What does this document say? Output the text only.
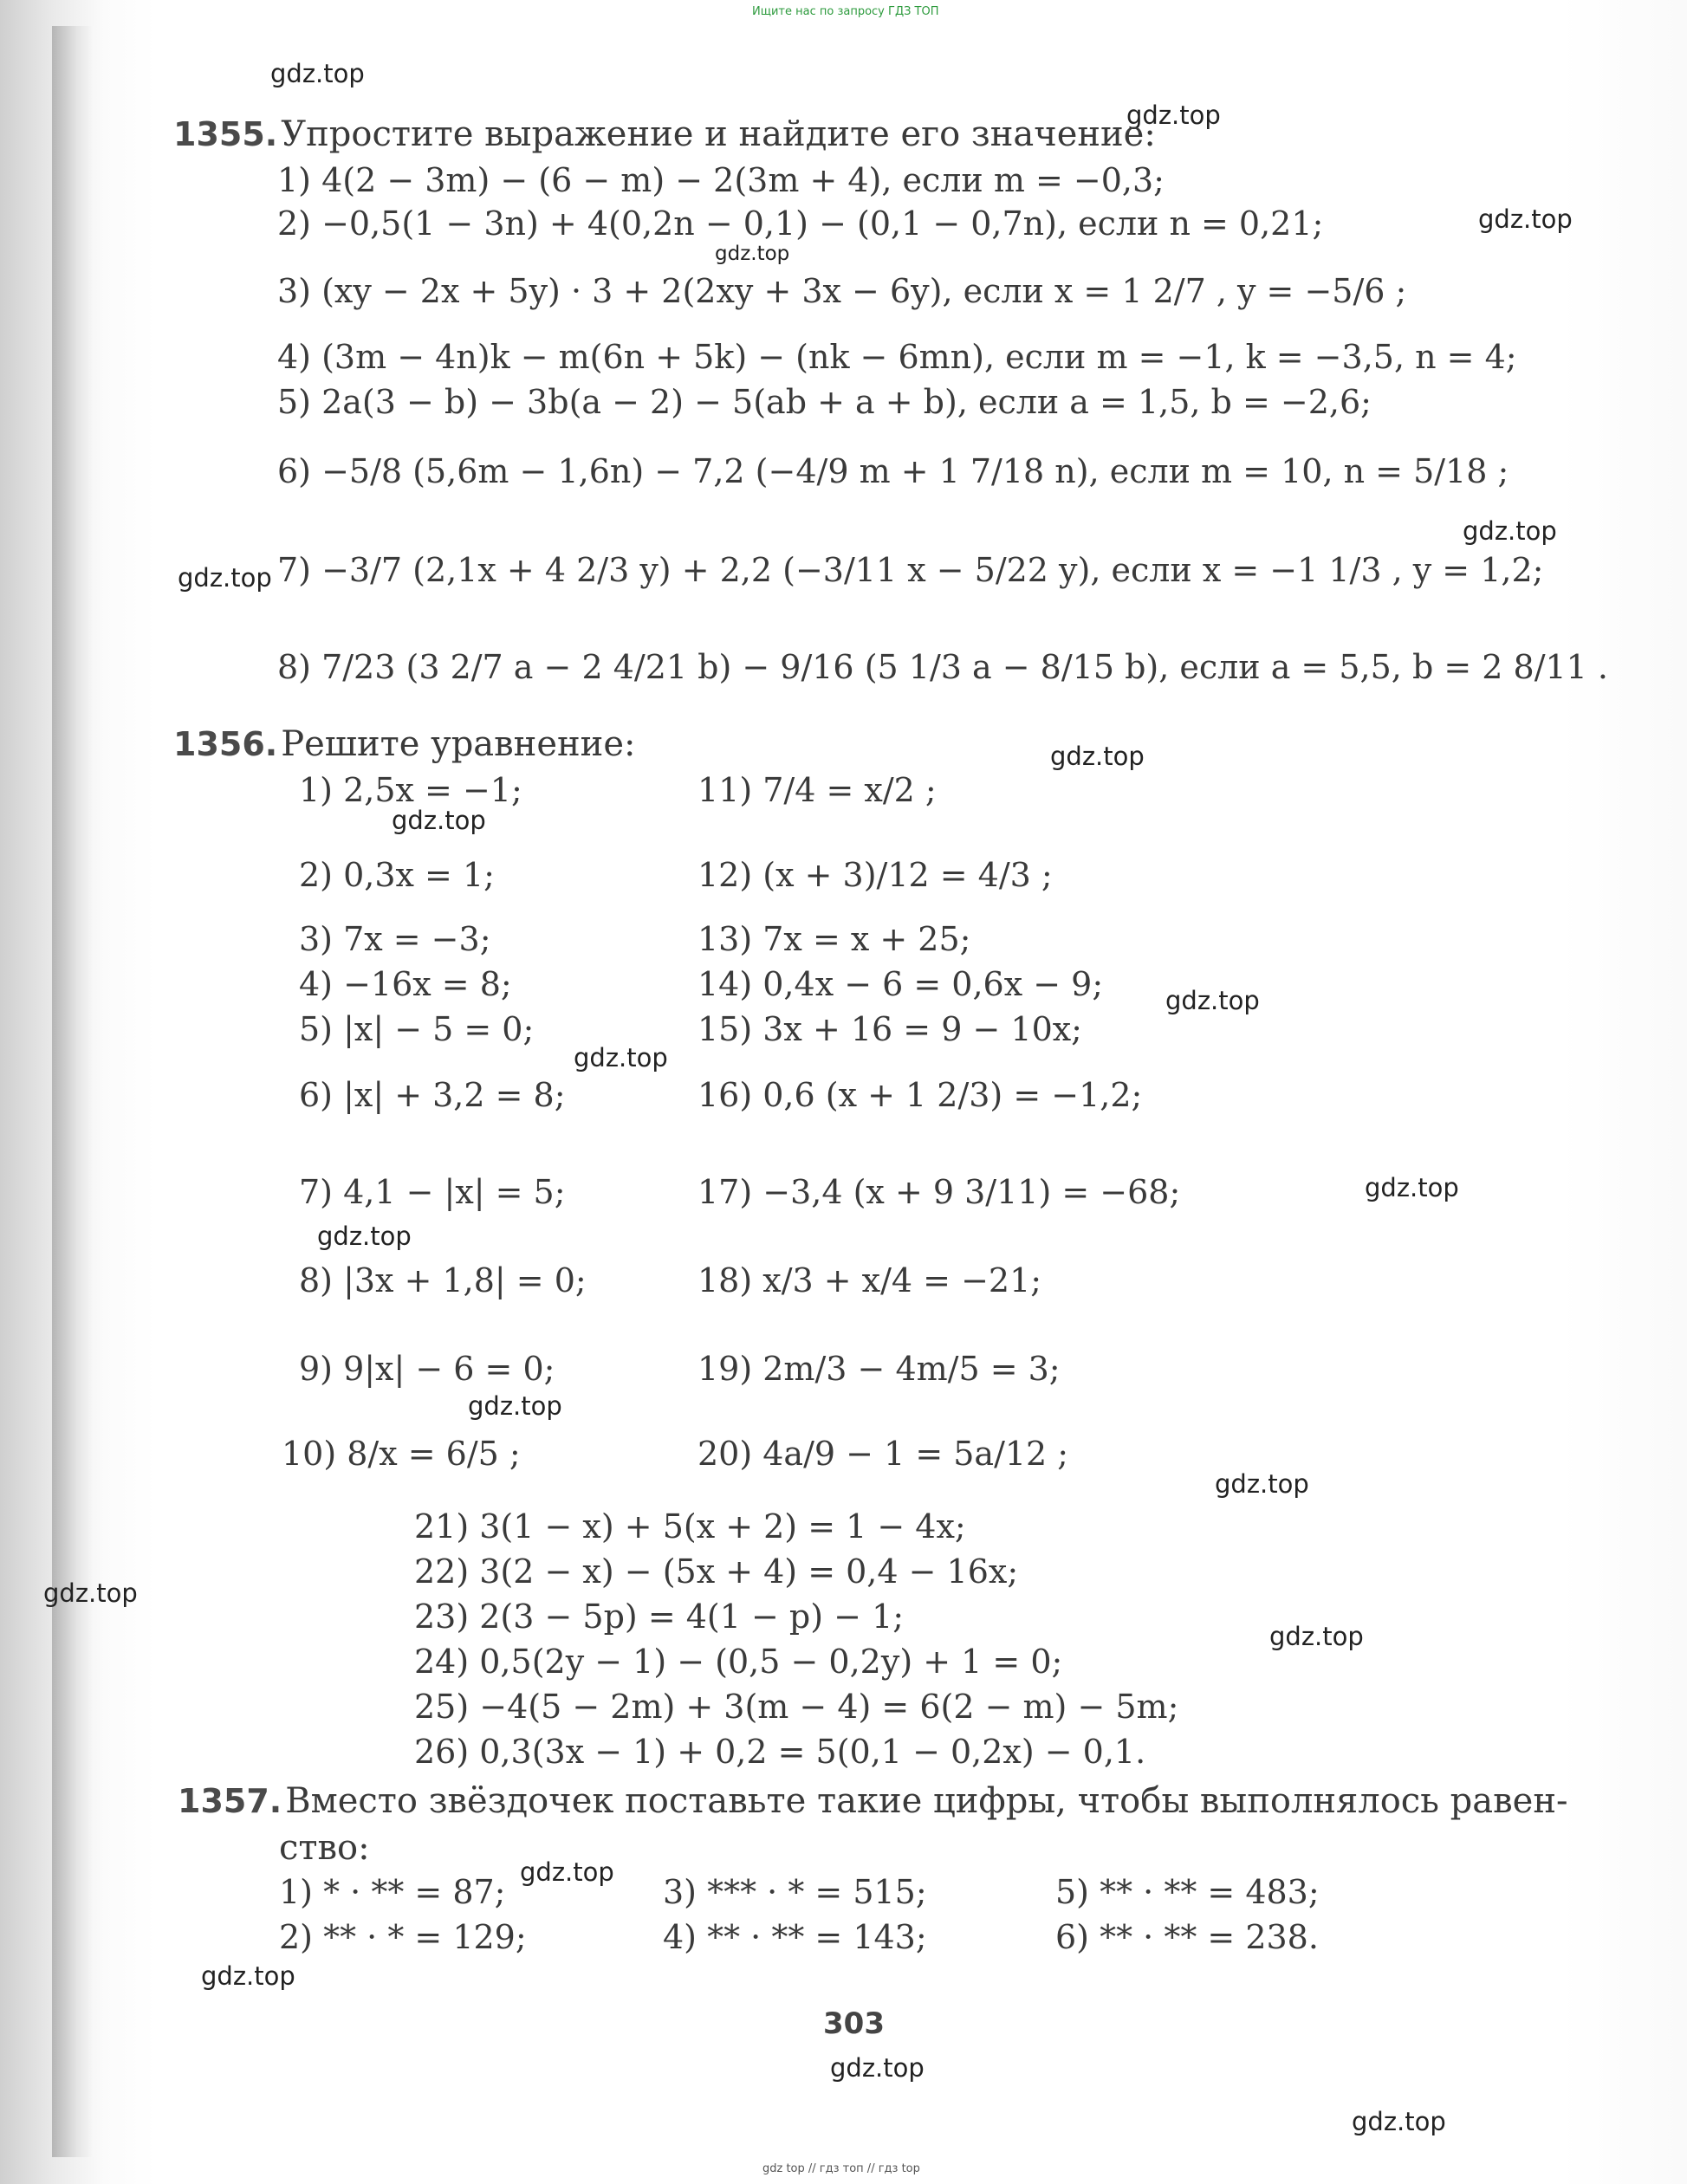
Ищите нас по запросу ГДЗ ТОП
gdz.top
gdz.top
gdz.top
gdz.top
gdz.top
gdz.top
gdz.top
gdz.top
gdz.top
gdz.top
gdz.top
gdz.top
gdz.top
gdz.top
gdz.top
gdz.top
gdz.top
gdz.top
gdz.top
gdz.top
1355. Упростите выражение и найдите его значение:
1) 4(2 − 3m) − (6 − m) − 2(3m + 4), если m = −0,3;
2) −0,5(1 − 3n) + 4(0,2n − 0,1) − (0,1 − 0,7n), если n = 0,21;
3) (xy − 2x + 5y) · 3 + 2(2xy + 3x − 6y), если x = 1 2/7 , y = −5/6 ;
4) (3m − 4n)k − m(6n + 5k) − (nk − 6mn), если m = −1, k = −3,5, n = 4;
5) 2a(3 − b) − 3b(a − 2) − 5(ab + a + b), если a = 1,5, b = −2,6;
6) −5/8 (5,6m − 1,6n) − 7,2 (−4/9 m + 1 7/18 n), если m = 10, n = 5/18 ;
7) −3/7 (2,1x + 4 2/3 y) + 2,2 (−3/11 x − 5/22 y), если x = −1 1/3 , y = 1,2;
8) 7/23 (3 2/7 a − 2 4/21 b) − 9/16 (5 1/3 a − 8/15 b), если a = 5,5, b = 2 8/11 .
1356. Решите уравнение:
1) 2,5x = −1;
2) 0,3x = 1;
3) 7x = −3;
4) −16x = 8;
5) |x| − 5 = 0;
6) |x| + 3,2 = 8;
7) 4,1 − |x| = 5;
8) |3x + 1,8| = 0;
9) 9|x| − 6 = 0;
10) 8/x = 6/5 ;
11) 7/4 = x/2 ;
12) (x + 3)/12 = 4/3 ;
13) 7x = x + 25;
14) 0,4x − 6 = 0,6x − 9;
15) 3x + 16 = 9 − 10x;
16) 0,6 (x + 1 2/3) = −1,2;
17) −3,4 (x + 9 3/11) = −68;
18) x/3 + x/4 = −21;
19) 2m/3 − 4m/5 = 3;
20) 4a/9 − 1 = 5a/12 ;
21) 3(1 − x) + 5(x + 2) = 1 − 4x;
22) 3(2 − x) − (5x + 4) = 0,4 − 16x;
23) 2(3 − 5p) = 4(1 − p) − 1;
24) 0,5(2y − 1) − (0,5 − 0,2y) + 1 = 0;
25) −4(5 − 2m) + 3(m − 4) = 6(2 − m) − 5m;
26) 0,3(3x − 1) + 0,2 = 5(0,1 − 0,2x) − 0,1.
1357. Вместо звёздочек поставьте такие цифры, чтобы выполнялось равен-
ство:
1) * · ** = 87;
2) ** · * = 129;
3) *** · * = 515;
4) ** · ** = 143;
5) ** · ** = 483;
6) ** · ** = 238.
303
gdz top // гдз топ // гдз top
